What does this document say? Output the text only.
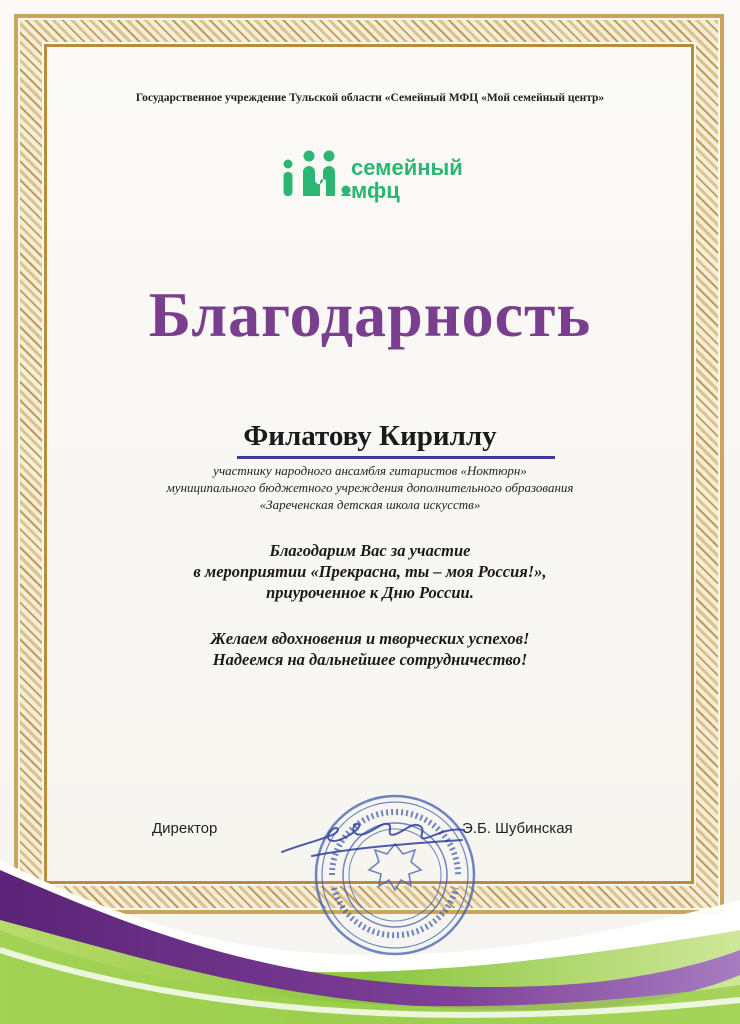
Государственное учреждение Тульской области «Семейный МФЦ «Мой семейный центр»
семейный
мфц
Благодарность
Филатову Кириллу
участнику народного ансамбля гитаристов «Ноктюрн»
муниципального бюджетного учреждения дополнительного образования
«Зареченская детская школа искусств»
Благодарим Вас за участие
в мероприятии «Прекрасна, ты – моя Россия!»,
приуроченное к Дню России.
Желаем вдохновения и творческих успехов!
Надеемся на дальнейшее сотрудничество!
Директор	Э.Б. Шубинская
